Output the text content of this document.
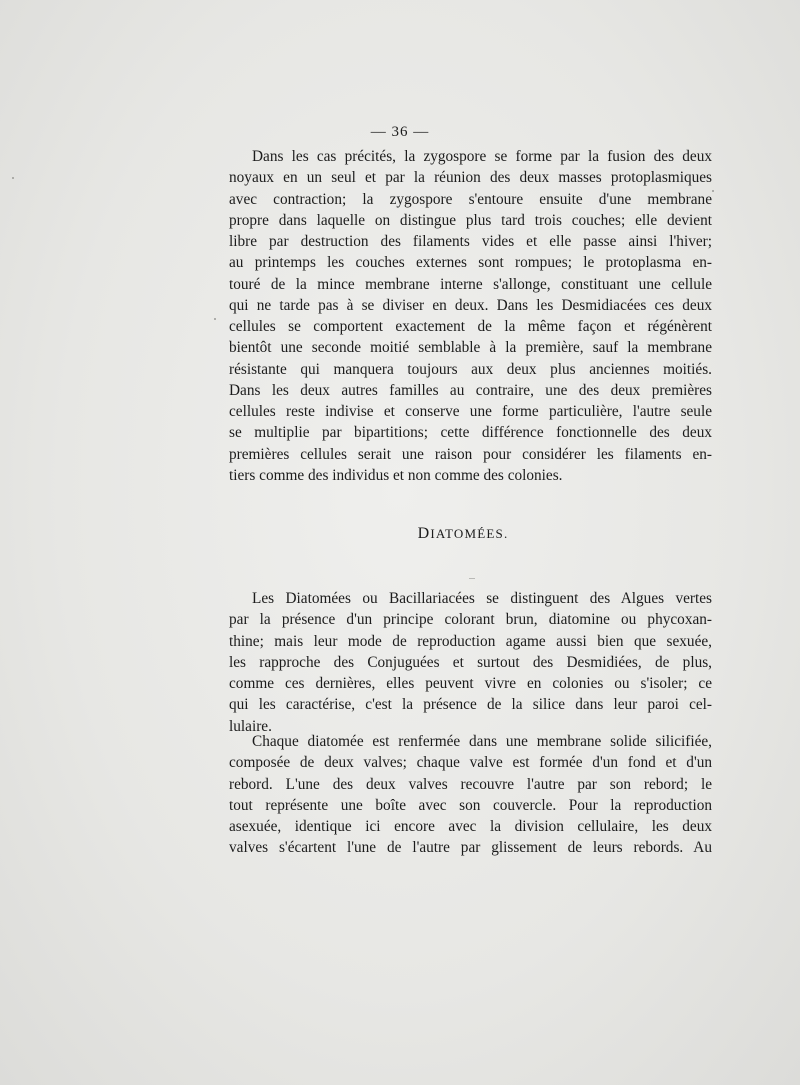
— 36 —
Dans les cas précités, la zygospore se forme par la fusion des deux
noyaux en un seul et par la réunion des deux masses protoplasmiques
avec contraction; la zygospore s'entoure ensuite d'une membrane
propre dans laquelle on distingue plus tard trois couches; elle devient
libre par destruction des filaments vides et elle passe ainsi l'hiver;
au printemps les couches externes sont rompues; le protoplasma en-
touré de la mince membrane interne s'allonge, constituant une cellule
qui ne tarde pas à se diviser en deux. Dans les Desmidiacées ces deux
cellules se comportent exactement de la même façon et régénèrent
bientôt une seconde moitié semblable à la première, sauf la membrane
résistante qui manquera toujours aux deux plus anciennes moitiés.
Dans les deux autres familles au contraire, une des deux premières
cellules reste indivise et conserve une forme particulière, l'autre seule
se multiplie par bipartitions; cette différence fonctionnelle des deux
premières cellules serait une raison pour considérer les filaments en-
tiers comme des individus et non comme des colonies.
DIATOMÉES.
Les Diatomées ou Bacillariacées se distinguent des Algues vertes
par la présence d'un principe colorant brun, diatomine ou phycoxan-
thine; mais leur mode de reproduction agame aussi bien que sexuée,
les rapproche des Conjuguées et surtout des Desmidiées, de plus,
comme ces dernières, elles peuvent vivre en colonies ou s'isoler; ce
qui les caractérise, c'est la présence de la silice dans leur paroi cel-
lulaire.
Chaque diatomée est renfermée dans une membrane solide silicifiée,
composée de deux valves; chaque valve est formée d'un fond et d'un
rebord. L'une des deux valves recouvre l'autre par son rebord; le
tout représente une boîte avec son couvercle. Pour la reproduction
asexuée, identique ici encore avec la division cellulaire, les deux
valves s'écartent l'une de l'autre par glissement de leurs rebords. Au
